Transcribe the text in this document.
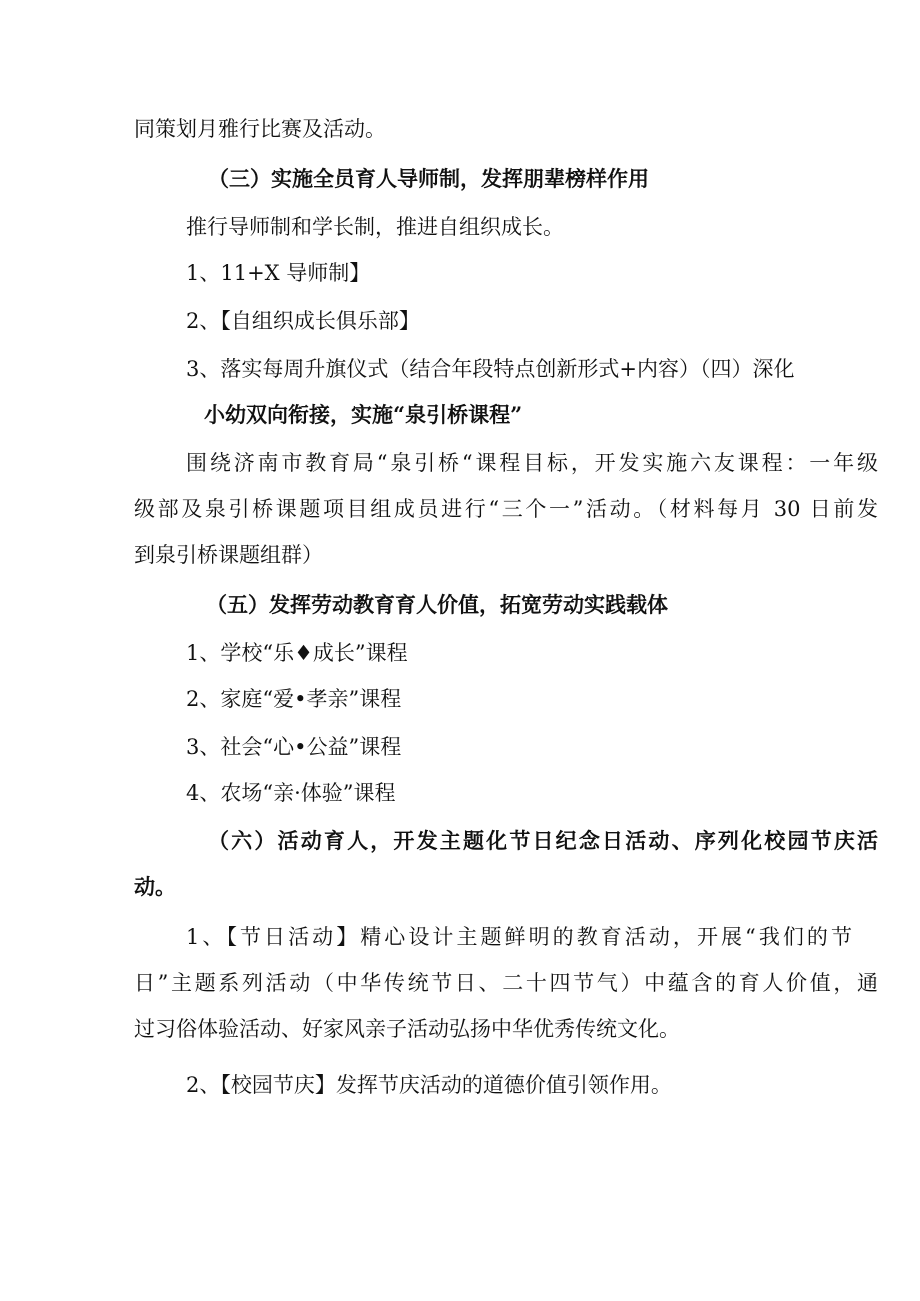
同策划月雅行比赛及活动。
（三）实施全员育人导师制，发挥朋辈榜样作用
推行导师制和学长制，推进自组织成长。
1、11+X 导师制】
2、【自组织成长俱乐部】
3、落实每周升旗仪式（结合年段特点创新形式+内容）（四）深化
小幼双向衔接，实施“泉引桥课程”
围绕济南市教育局“泉引桥“课程目标，开发实施六友课程：一年级
级部及泉引桥课题项目组成员进行“三个一”活动。（材料每月 30 日前发
到泉引桥课题组群）
（五）发挥劳动教育育人价值，拓宽劳动实践载体
1、学校“乐♦成长”课程
2、家庭“爱•孝亲”课程
3、社会“心•公益”课程
4、农场“亲·体验”课程
（六）活动育人，开发主题化节日纪念日活动、序列化校园节庆活
动。
1、【节日活动】精心设计主题鲜明的教育活动，开展“我们的节
日”主题系列活动（中华传统节日、二十四节气）中蕴含的育人价值，通
过习俗体验活动、好家风亲子活动弘扬中华优秀传统文化。
2、【校园节庆】发挥节庆活动的道德价值引领作用。
